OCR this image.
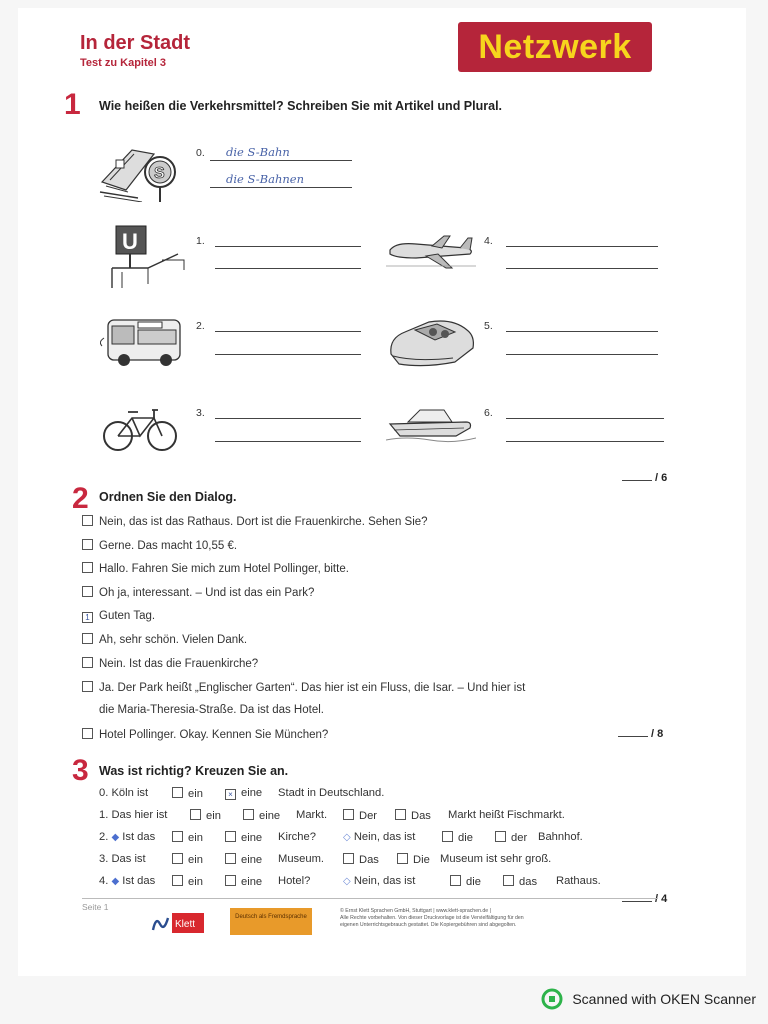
In der Stadt
Test zu Kapitel 3	Netzwerk
1 Wie heißen die Verkehrsmittel? Schreiben Sie mit Artikel und Plural.
S
0. die S-Bahn
die S-Bahnen
U	1.	4.
2.	5.
3.	6.
/ 6
2 Ordnen Sie den Dialog.
Nein, das ist das Rathaus. Dort ist die Frauenkirche. Sehen Sie?
Gerne. Das macht 10,55 €.
Hallo. Fahren Sie mich zum Hotel Pollinger, bitte.
Oh ja, interessant. – Und ist das ein Park?
1 Guten Tag.
Ah, sehr schön. Vielen Dank.
Nein. Ist das die Frauenkirche?
Ja. Der Park heißt „Englischer Garten“. Das hier ist ein Fluss, die Isar. – Und hier ist
die Maria-Theresia-Straße. Da ist das Hotel.
Hotel Pollinger. Okay. Kennen Sie München?	/ 8
3 Was ist richtig? Kreuzen Sie an.
0. Köln ist	ein	× eine Stadt in Deutschland.
1. Das hier ist	ein	eine Markt.	Der	Das Markt heißt Fischmarkt.
2. ◆ Ist das	ein	eine Kirche?	◇ Nein, das ist	die	der Bahnhof.
3. Das ist	ein	eine Museum.	Das	Die Museum ist sehr groß.
4. ◆ Ist das	ein	eine Hotel?	◇ Nein, das ist	die	das Rathaus.
/ 4
Seite 1
Klett
Deutsch als Fremdsprache
© Ernst Klett Sprachen GmbH, Stuttgart | www.klett-sprachen.de |
Alle Rechte vorbehalten. Von dieser Druckvorlage ist die Vervielfältigung für den
eigenen Unterrichtsgebrauch gestattet. Die Kopiergebühren sind abgegolten.
Scanned with OKEN Scanner
